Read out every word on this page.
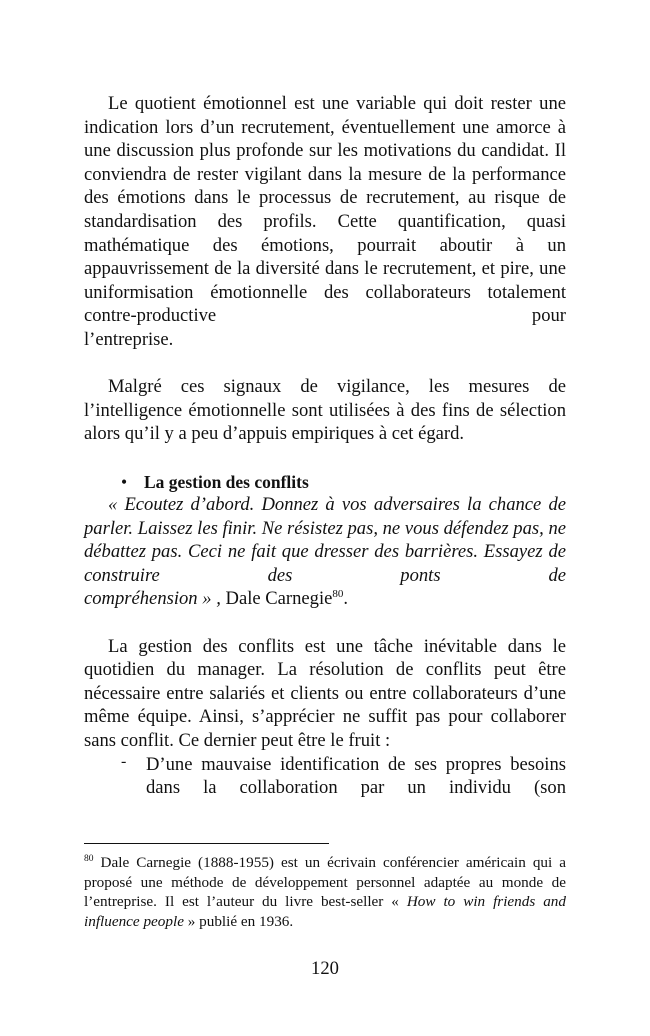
Le quotient émotionnel est une variable qui doit rester une indication lors d’un recrutement, éventuellement une amorce à une discussion plus profonde sur les motivations du candidat. Il conviendra de rester vigilant dans la mesure de la performance des émotions dans le processus de recrutement, au risque de standardisation des profils. Cette quantification, quasi mathématique des émotions, pourrait aboutir à un appauvrissement de la diversité dans le recrutement, et pire, une uniformisation émotionnelle des collaborateurs totalement contre-productive pour

l’entreprise.

Malgré ces signaux de vigilance, les mesures de l’intelligence émotionnelle sont utilisées à des fins de sélection alors qu’il y a peu d’appuis empiriques à cet égard.

• La gestion des conflits

« Ecoutez d’abord. Donnez à vos adversaires la chance de parler. Laissez les finir. Ne résistez pas, ne vous défendez pas, ne débattez pas. Ceci ne fait que dresser des barrières. Essayez de construire des ponts de

compréhension » , Dale Carnegie$^{80}$.

La gestion des conflits est une tâche inévitable dans le quotidien du manager. La résolution de conflits peut être nécessaire entre salariés et clients ou entre collaborateurs d’une même équipe. Ainsi, s’apprécier ne suffit pas pour collaborer sans conflit. Ce dernier peut être le fruit :

- D’une mauvaise identification de ses propres besoins dans la collaboration par un individu (son

$^{80}$ Dale Carnegie (1888-1955) est un écrivain conférencier américain qui a proposé une méthode de développement personnel adaptée au monde de l’entreprise. Il est l’auteur du livre best-seller « How to win friends and influence people » publié en 1936.
120
